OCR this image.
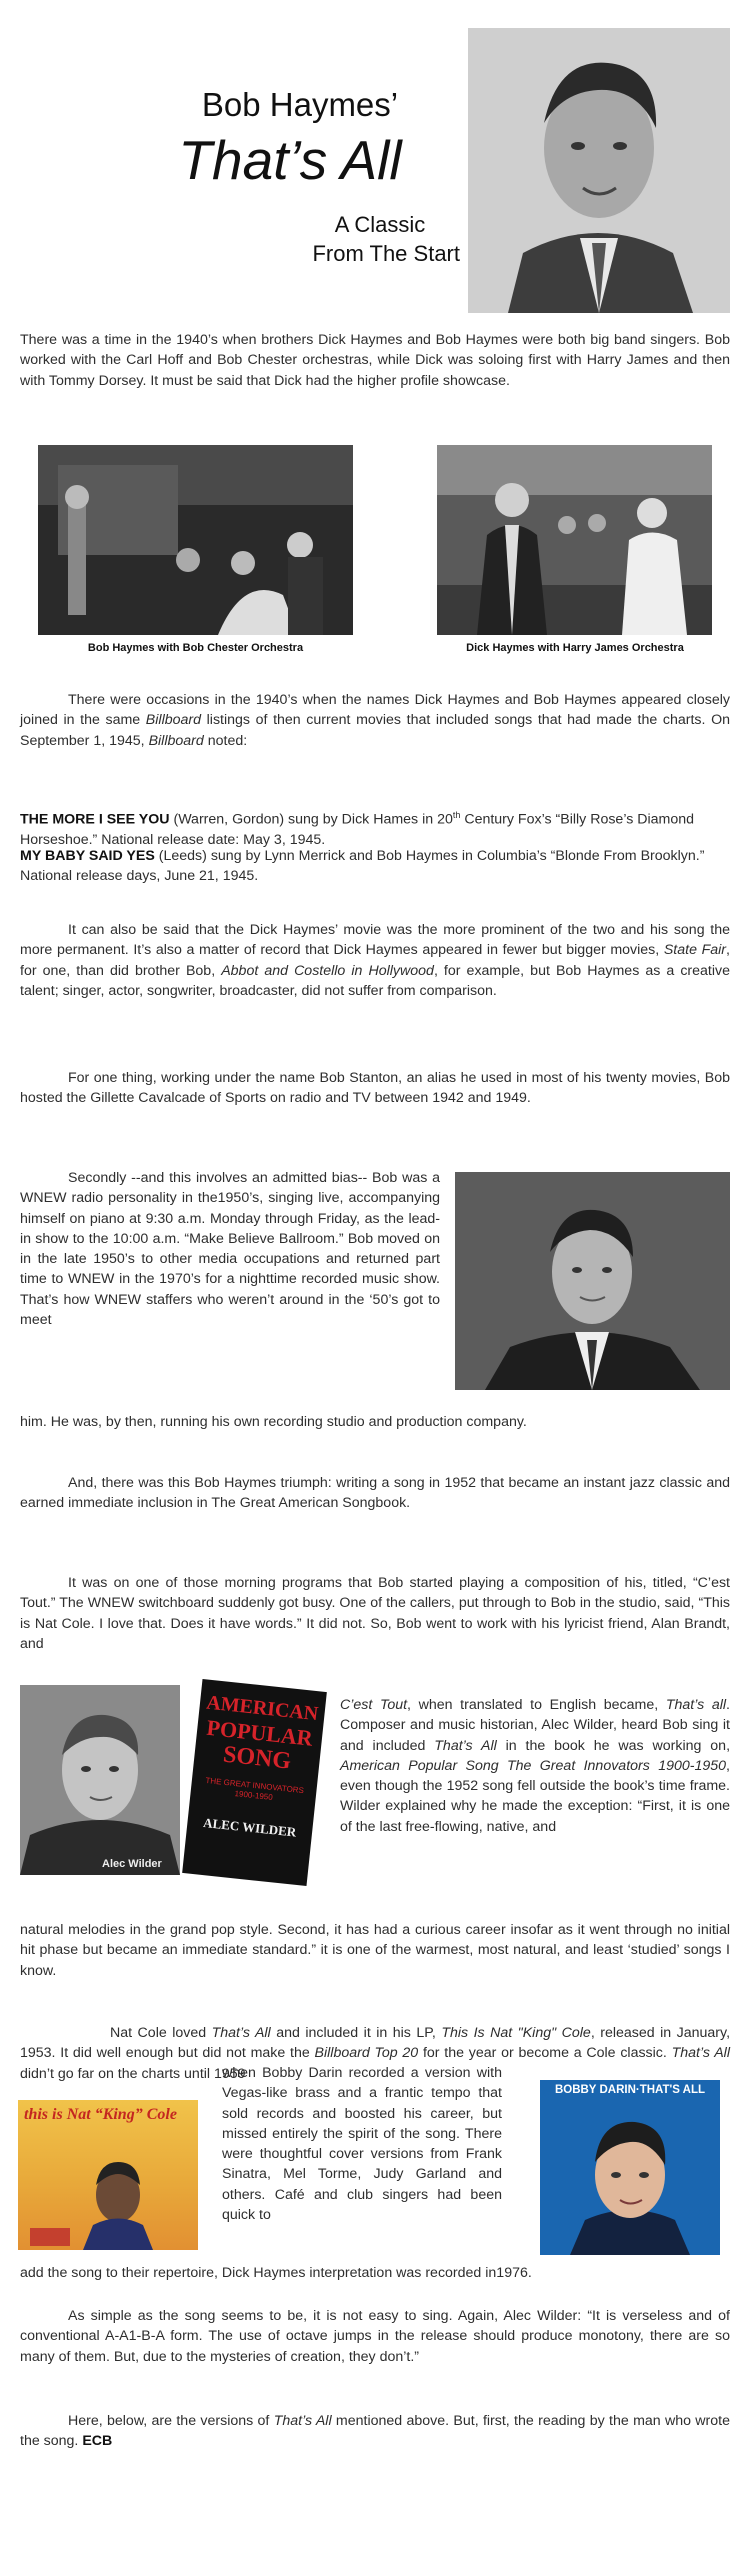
Bob Haymes’
That’s All
A Classic
From The Start
There was a time in the 1940’s when brothers Dick Haymes and Bob Haymes were both big band singers. Bob worked with the Carl Hoff and Bob Chester orchestras, while Dick was soloing first with Harry James and then with Tommy Dorsey. It must be said that Dick had the higher profile showcase.
Bob Haymes with Bob Chester Orchestra	Dick Haymes with Harry James Orchestra
There were occasions in the 1940’s when the names Dick Haymes and Bob Haymes appeared closely joined in the same Billboard listings of then current movies that included songs that had made the charts. On September 1, 1945, Billboard noted:
THE MORE I SEE YOU (Warren, Gordon) sung by Dick Hames in 20th Century Fox’s “Billy Rose’s Diamond Horseshoe.” National release date: May 3, 1945.
MY BABY SAID YES (Leeds) sung by Lynn Merrick and Bob Haymes in Columbia’s “Blonde From Brooklyn.” National release days, June 21, 1945.
It can also be said that the Dick Haymes’ movie was the more prominent of the two and his song the more permanent. It’s also a matter of record that Dick Haymes appeared in fewer but bigger movies, State Fair, for one, than did brother Bob, Abbot and Costello in Hollywood, for example, but Bob Haymes as a creative talent; singer, actor, songwriter, broadcaster, did not suffer from comparison.
For one thing, working under the name Bob Stanton, an alias he used in most of his twenty movies, Bob hosted the Gillette Cavalcade of Sports on radio and TV between 1942 and 1949.
Secondly --and this involves an admitted bias-- Bob was a WNEW radio personality in the1950’s, singing live, accompanying himself on piano at 9:30 a.m. Monday through Friday, as the lead-in show to the 10:00 a.m. “Make Believe Ballroom.” Bob moved on in the late 1950’s to other media occupations and returned part time to WNEW in the 1970’s for a nighttime recorded music show. That’s how WNEW staffers who weren’t around in the ‘50’s got to meet
him. He was, by then, running his own recording studio and production company.
And, there was this Bob Haymes triumph: writing a song in 1952 that became an instant jazz classic and earned immediate inclusion in The Great American Songbook.
It was on one of those morning programs that Bob started playing a composition of his, titled, “C’est Tout.” The WNEW switchboard suddenly got busy. One of the callers, put through to Bob in the studio, said, “This is Nat Cole. I love that. Does it have words.” It did not. So, Bob went to work with his lyricist friend, Alan Brandt, and
Alec Wilder
AMERICAN
POPULAR
SONG
THE GREAT INNOVATORS 1900-1950
ALEC WILDER
C’est Tout, when translated to English became, That’s all. Composer and music historian, Alec Wilder, heard Bob sing it and included That’s All in the book he was working on, American Popular Song The Great Innovators 1900-1950, even though the 1952 song fell outside the book’s time frame. Wilder explained why he made the exception: “First, it is one of the last free-flowing, native, and
natural melodies in the grand pop style. Second, it has had a curious career insofar as it went through no initial hit phase but became an immediate standard.” it is one of the warmest, most natural, and least ‘studied’ songs I know.
Nat Cole loved That’s All and included it in his LP, This Is Nat "King" Cole, released in January, 1953. It did well enough but did not make the Billboard Top 20 for the year or become a Cole classic. That’s All didn’t go far on the charts until 1959
this is Nat “King” Cole
when Bobby Darin recorded a version with Vegas-like brass and a frantic tempo that sold records and boosted his career, but missed entirely the spirit of the song. There were thoughtful cover versions from Frank Sinatra, Mel Torme, Judy Garland and others. Café and club singers had been quick to
BOBBY DARIN·THAT'S ALL
add the song to their repertoire, Dick Haymes interpretation was recorded in1976.
As simple as the song seems to be, it is not easy to sing. Again, Alec Wilder: “It is verseless and of conventional A-A1-B-A form. The use of octave jumps in the release should produce monotony, there are so many of them. But, due to the mysteries of creation, they don’t.”
Here, below, are the versions of That’s All mentioned above. But, first, the reading by the man who wrote the song. ECB
